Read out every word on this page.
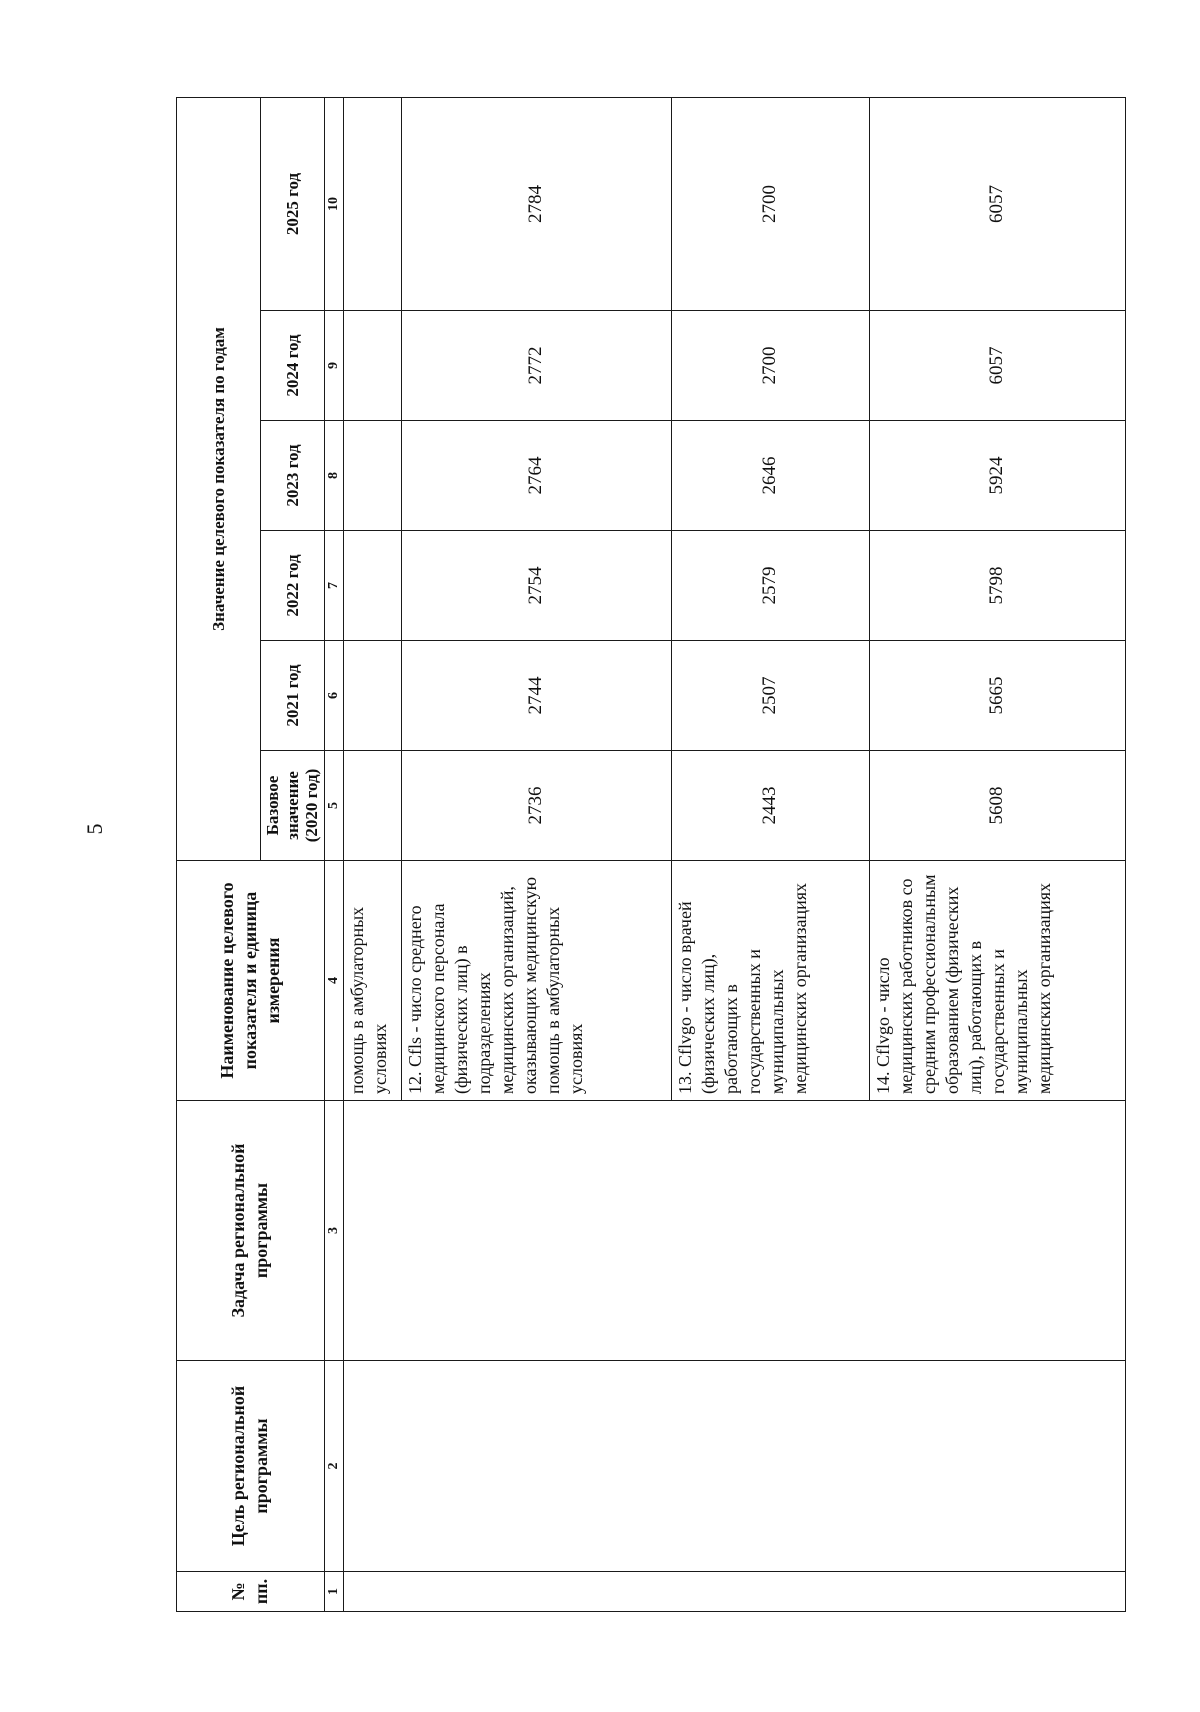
5
№ пп.	Цель региональной программы	Задача региональной программы	Наименование целевого показателя и единица измерения	Значение целевого показателя по годам					
				Базовое значение (2020 год)	2021 год	2022 год	2023 год	2024 год	2025 год
1	2	3	4	5	6	7	8	9	10
			помощь в амбулаторных условиях						
			12. Cfls - число среднего медицинского персонала (физических лиц) в подразделениях медицинских организаций, оказывающих медицинскую помощь в амбулаторных условиях	2736	2744	2754	2764	2772	2784
			13. Cflvgo - число врачей (физических лиц), работающих в государственных и муниципальных медицинских организациях	2443	2507	2579	2646	2700	2700
			14. Cflvgo - число медицинских работников со средним профессиональным образованием (физических лиц), работающих в государственных и муниципальных медицинских организациях	5608	5665	5798	5924	6057	6057
